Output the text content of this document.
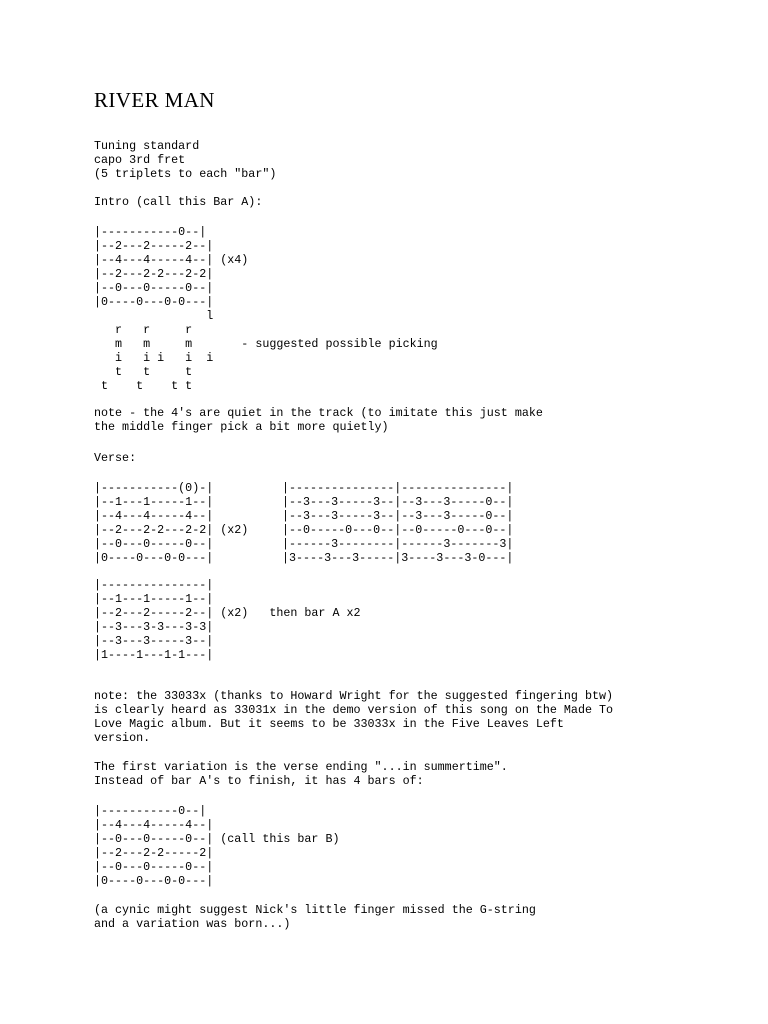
RIVER MAN
Tuning standard
capo 3rd fret
(5 triplets to each "bar")
Intro (call this Bar A):
|-----------0--|
|--2---2-----2--|
|--4---4-----4--| (x4)
|--2---2-2---2-2|
|--0---0-----0--|
|0----0---0-0---|
l
r   r     r
m   m     m       - suggested possible picking
i   i i   i  i
t   t     t
t    t    t t
note - the 4's are quiet in the track (to imitate this just make
the middle finger pick a bit more quietly)
Verse:
|-----------(0)-|
|--1---1-----1--|
|--4---4-----4--|
|--2---2-2---2-2| (x2)
|--0---0-----0--|
|0----0---0-0---|
|---------------|---------------|
|--3---3-----3--|--3---3-----0--|
|--3---3-----3--|--3---3-----0--|
|--0-----0---0--|--0-----0---0--|
|------3--------|------3-------3|
|3----3---3-----|3----3---3-0---|
|---------------|
|--1---1-----1--|
|--2---2-----2--| (x2)   then bar A x2
|--3---3-3---3-3|
|--3---3-----3--|
|1----1---1-1---|
note: the 33033x (thanks to Howard Wright for the suggested fingering btw)
is clearly heard as 33031x in the demo version of this song on the Made To
Love Magic album. But it seems to be 33033x in the Five Leaves Left
version.
The first variation is the verse ending "...in summertime".
Instead of bar A's to finish, it has 4 bars of:
|-----------0--|
|--4---4-----4--|
|--0---0-----0--| (call this bar B)
|--2---2-2-----2|
|--0---0-----0--|
|0----0---0-0---|
(a cynic might suggest Nick's little finger missed the G-string
and a variation was born...)
